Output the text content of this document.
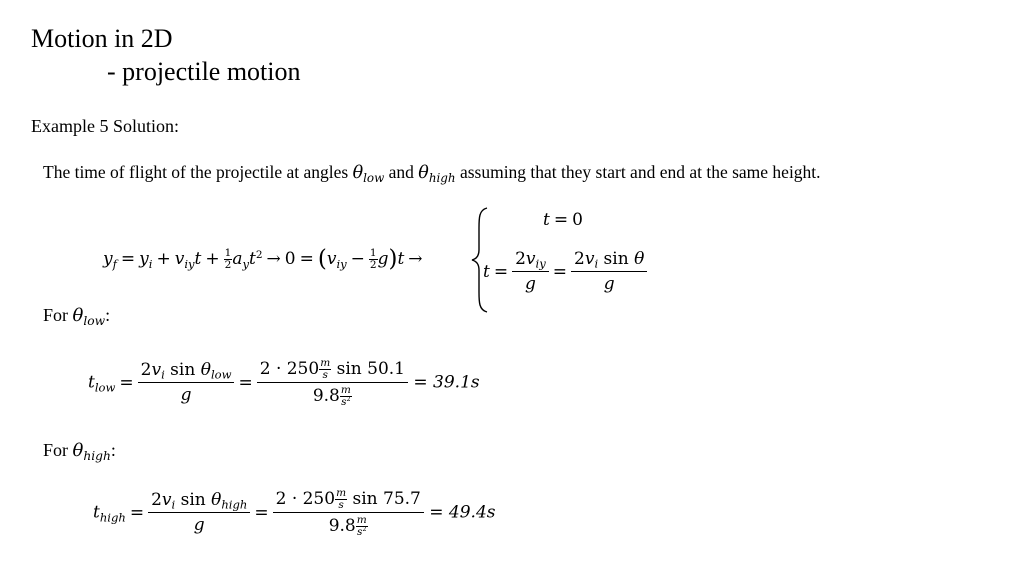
Motion in 2D
- projectile motion
Example 5 Solution:
The time of flight of the projectile at angles $\theta_{low}$ and $\theta_{high}$ assuming that they start and end at the same height.
$y_f = y_i + v_{iy}t + \frac{1}{2} a_yt^2 \to 0 = (v_{iy} - \frac{1}{2} g)t$ →
t = 0
$t = \frac{2v_{iy}}{g} = \frac{2v_i \sin \theta}{g}$
For $\theta_{low}$:
$t_{low} = \frac{2v_i \sin \theta_{low}}{g} = \frac{2 \cdot 250 \frac{m}{s} \sin 50.1}{9.8 \frac{m}{s^2}} = 39.1s$
For $\theta_{high}$:
$t_{high} = \frac{2v_i \sin \theta_{high}}{g} = \frac{2 \cdot 250 \frac{m}{s} \sin 75.7}{9.8 \frac{m}{s^2}} = 49.4s$
